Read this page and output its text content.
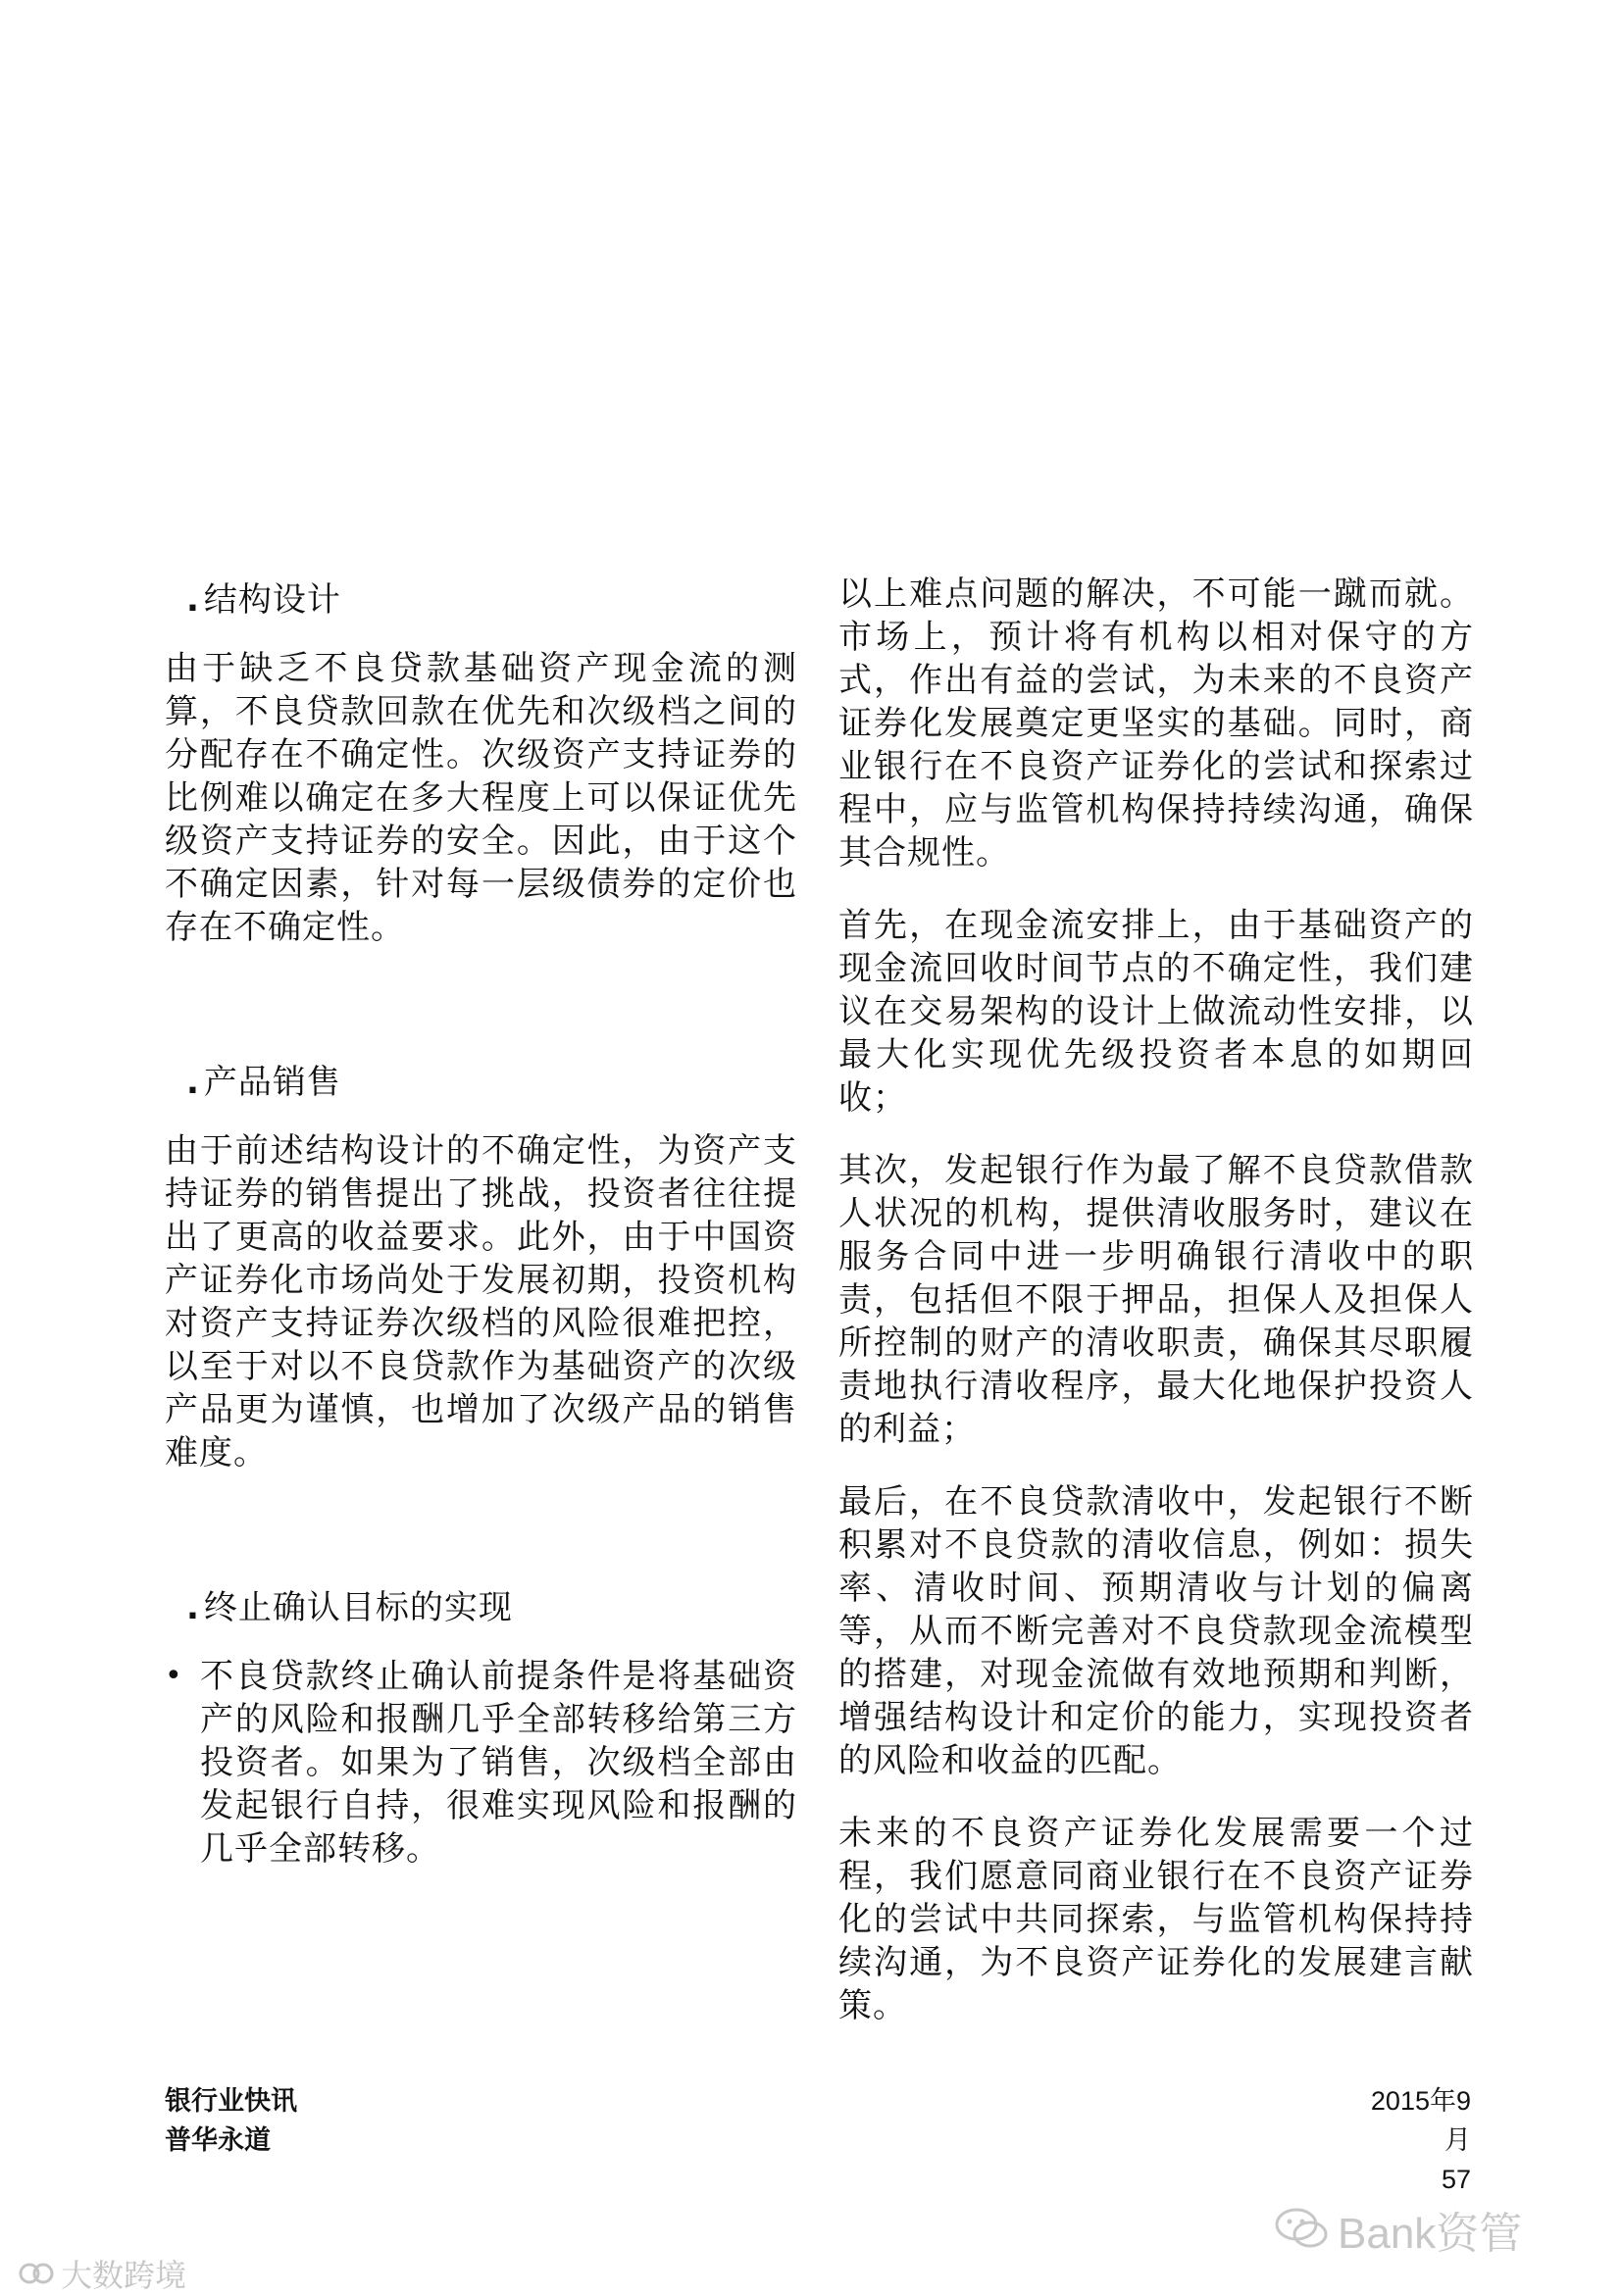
. 结构设计

由于缺乏不良贷款基础资产现金流的测算，不良贷款回款在优先和次级档之间的分配存在不确定性。次级资产支持证券的比例难以确定在多大程度上可以保证优先级资产支持证券的安全。因此，由于这个不确定因素，针对每一层级债券的定价也存在不确定性。

. 产品销售

由于前述结构设计的不确定性，为资产支持证券的销售提出了挑战，投资者往往提出了更高的收益要求。此外，由于中国资产证券化市场尚处于发展初期，投资机构对资产支持证券次级档的风险很难把控，以至于对以不良贷款作为基础资产的次级产品更为谨慎，也增加了次级产品的销售难度。

. 终止确认目标的实现
• 不良贷款终止确认前提条件是将基础资产的风险和报酬几乎全部转移给第三方投资者。如果为了销售，次级档全部由发起银行自持，很难实现风险和报酬的几乎全部转移。

以上难点问题的解决，不可能一蹴而就。市场上，预计将有机构以相对保守的方式，作出有益的尝试，为未来的不良资产证券化发展奠定更坚实的基础。同时，商业银行在不良资产证券化的尝试和探索过程中，应与监管机构保持持续沟通，确保其合规性。

首先，在现金流安排上，由于基础资产的现金流回收时间节点的不确定性，我们建议在交易架构的设计上做流动性安排，以最大化实现优先级投资者本息的如期回收；

其次，发起银行作为最了解不良贷款借款人状况的机构，提供清收服务时，建议在服务合同中进一步明确银行清收中的职责，包括但不限于押品，担保人及担保人所控制的财产的清收职责，确保其尽职履责地执行清收程序，最大化地保护投资人的利益；

最后，在不良贷款清收中，发起银行不断积累对不良贷款的清收信息，例如：损失率、清收时间、预期清收与计划的偏离等，从而不断完善对不良贷款现金流模型的搭建，对现金流做有效地预期和判断，增强结构设计和定价的能力，实现投资者的风险和收益的匹配。

未来的不良资产证券化发展需要一个过程，我们愿意同商业银行在不良资产证券化的尝试中共同探索，与监管机构保持持续沟通，为不良资产证券化的发展建言献策。

银行业快讯
普华永道
2015年9月
57
Bank资管
大数跨境
